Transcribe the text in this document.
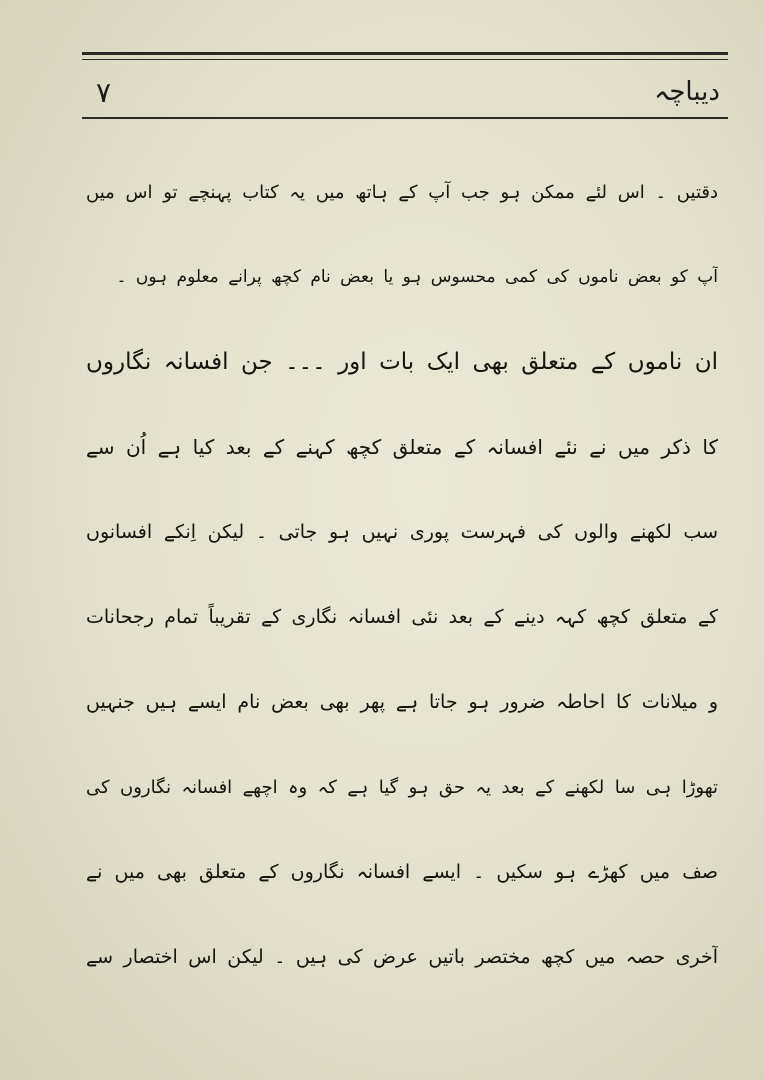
دیباچہ
۷
دقتیں ۔ اس لئے ممکن ہو جب آپ کے ہاتھ میں یہ کتاب پہنچے تو اس میں
آپ کو بعض ناموں کی کمی محسوس ہو یا بعض نام کچھ پرانے معلوم ہوں ۔
ان ناموں کے متعلق بھی ایک بات اور ۔۔۔ جن افسانہ نگاروں
کا ذکر میں نے نئے افسانہ کے متعلق کچھ کہنے کے بعد کیا ہے اُن سے
سب لکھنے والوں کی فہرست پوری نہیں ہو جاتی ۔ لیکن اِنکے افسانوں
کے متعلق کچھ کہہ دینے کے بعد نئی افسانہ نگاری کے تقریباً تمام رجحانات
و میلانات کا احاطہ ضرور ہو جاتا ہے پھر بھی بعض نام ایسے ہیں جنہیں
تھوڑا ہی سا لکھنے کے بعد یہ حق ہو گیا ہے کہ وہ اچھے افسانہ نگاروں کی
صف میں کھڑے ہو سکیں ۔ ایسے افسانہ نگاروں کے متعلق بھی میں نے
آخری حصہ میں کچھ مختصر باتیں عرض کی ہیں ۔ لیکن اس اختصار سے
